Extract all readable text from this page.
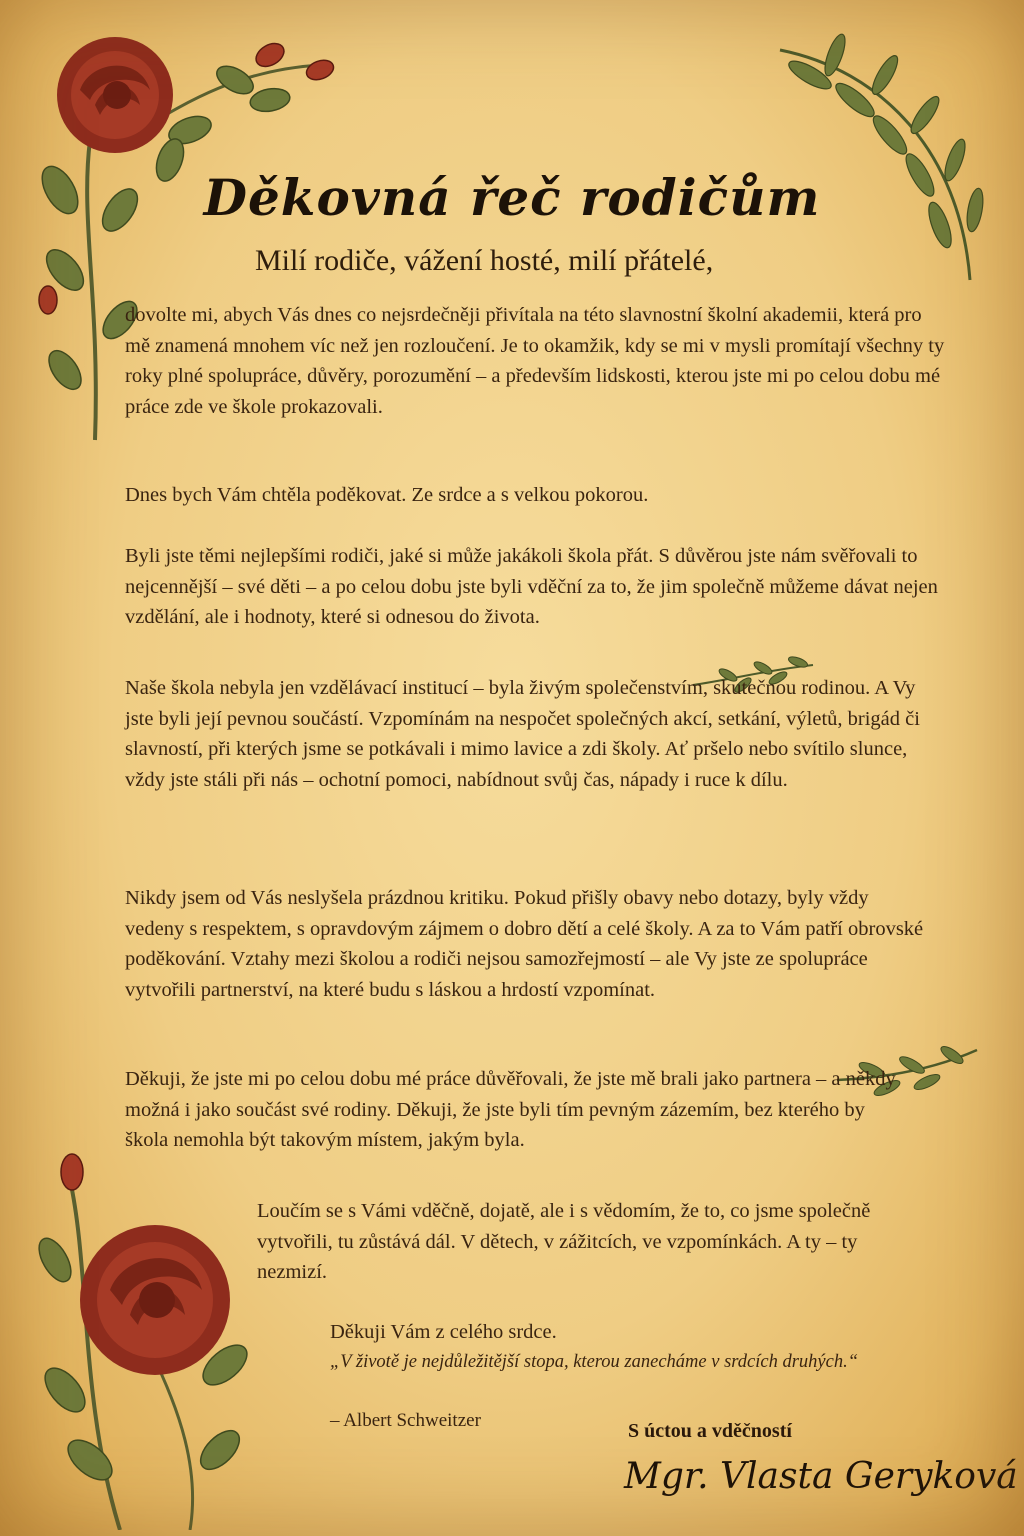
Děkovná řeč rodičům

Milí rodiče, vážení hosté, milí přátelé,

dovolte mi, abych Vás dnes co nejsrdečněji přivítala na této slavnostní školní akademii, která pro mě znamená mnohem víc než jen rozloučení. Je to okamžik, kdy se mi v mysli promítají všechny ty roky plné spolupráce, důvěry, porozumění – a především lidskosti, kterou jste mi po celou dobu mé práce zde ve škole prokazovali.

Dnes bych Vám chtěla poděkovat. Ze srdce a s velkou pokorou.

Byli jste těmi nejlepšími rodiči, jaké si může jakákoli škola přát. S důvěrou jste nám svěřovali to nejcennější – své děti – a po celou dobu jste byli vděční za to, že jim společně můžeme dávat nejen vzdělání, ale i hodnoty, které si odnesou do života.

Naše škola nebyla jen vzdělávací institucí – byla živým společenstvím, skutečnou rodinou. A Vy jste byli její pevnou součástí. Vzpomínám na nespočet společných akcí, setkání, výletů, brigád či slavností, při kterých jsme se potkávali i mimo lavice a zdi školy. Ať pršelo nebo svítilo slunce, vždy jste stáli při nás – ochotní pomoci, nabídnout svůj čas, nápady i ruce k dílu.

Nikdy jsem od Vás neslyšela prázdnou kritiku. Pokud přišly obavy nebo dotazy, byly vždy vedeny s respektem, s opravdovým zájmem o dobro dětí a celé školy. A za to Vám patří obrovské poděkování. Vztahy mezi školou a rodiči nejsou samozřejmostí – ale Vy jste ze spolupráce vytvořili partnerství, na které budu s láskou a hrdostí vzpomínat.

Děkuji, že jste mi po celou dobu mé práce důvěřovali, že jste mě brali jako partnera – a někdy možná i jako součást své rodiny. Děkuji, že jste byli tím pevným zázemím, bez kterého by škola nemohla být takovým místem, jakým byla.

Loučím se s Vámi vděčně, dojatě, ale i s vědomím, že to, co jsme společně vytvořili, tu zůstává dál. V dětech, v zážitcích, ve vzpomínkách. A ty – ty nezmizí.

Děkuji Vám z celého srdce.

„V životě je nejdůležitější stopa, kterou zanecháme v srdcích druhých.“

– Albert Schweitzer	S úctou a vděčností

Mgr. Vlasta Geryková
